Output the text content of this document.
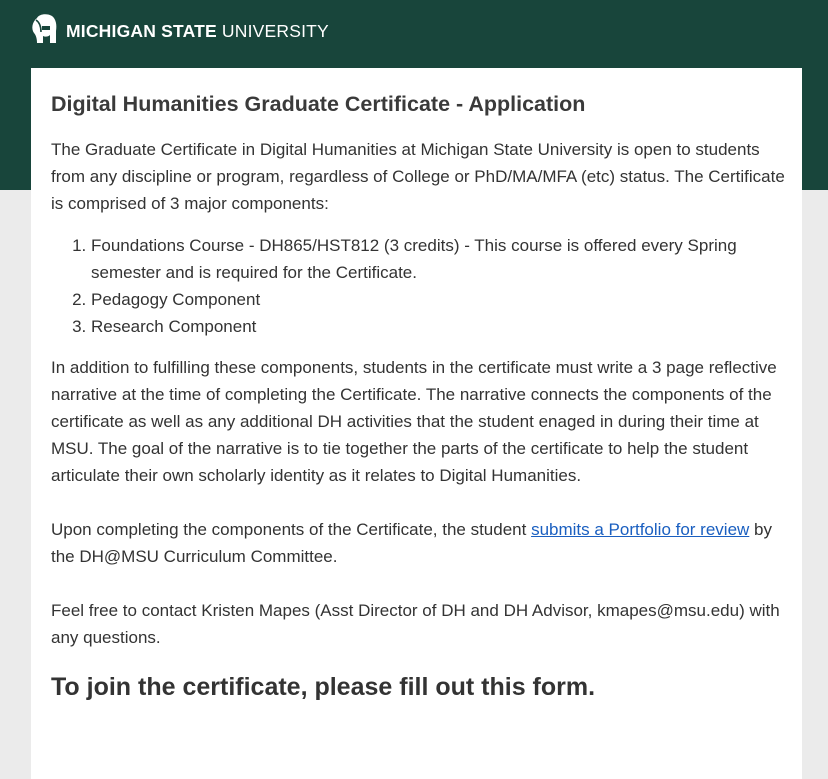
MICHIGAN STATE UNIVERSITY
Digital Humanities Graduate Certificate - Application

The Graduate Certificate in Digital Humanities at Michigan State University is open to students from any discipline or program, regardless of College or PhD/MA/MFA (etc) status. The Certificate is comprised of 3 major components:

1. Foundations Course - DH865/HST812 (3 credits) - This course is offered every Spring semester and is required for the Certificate.
2. Pedagogy Component
3. Research Component

In addition to fulfilling these components, students in the certificate must write a 3 page reflective narrative at the time of completing the Certificate. The narrative connects the components of the certificate as well as any additional DH activities that the student enaged in during their time at MSU. The goal of the narrative is to tie together the parts of the certificate to help the student articulate their own scholarly identity as it relates to Digital Humanities.

Upon completing the components of the Certificate, the student submits a Portfolio for review by the DH@MSU Curriculum Committee.

Feel free to contact Kristen Mapes (Asst Director of DH and DH Advisor, kmapes@msu.edu) with any questions.

To join the certificate, please fill out this form.
